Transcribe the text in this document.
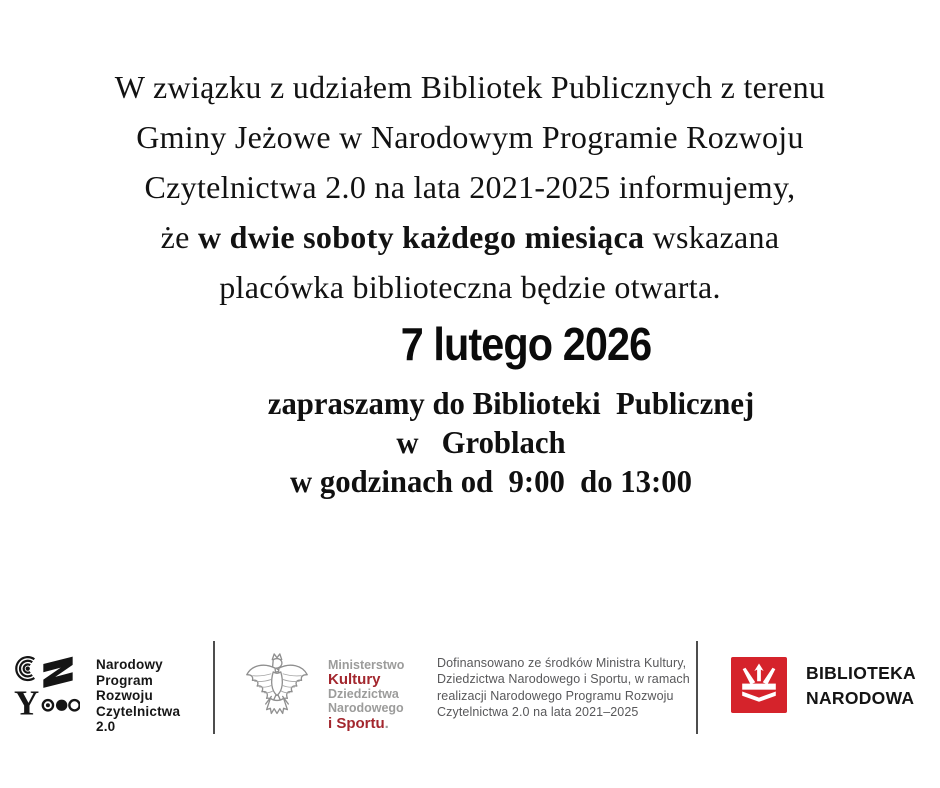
W związku z udziałem Bibliotek Publicznych z terenu
Gminy Jeżowe w Narodowym Programie Rozwoju
Czytelnictwa 2.0 na lata 2021-2025 informujemy,
że w dwie soboty każdego miesiąca wskazana
placówka biblioteczna będzie otwarta.
7 lutego 2026
zapraszamy do Biblioteki  Publicznej
w   Groblach
w godzinach od  9:00  do 13:00
Y
Narodowy
Program
Rozwoju
Czytelnictwa
2.0
Ministerstwo
Kultury
Dziedzictwa
Narodowego
i Sportu.
Dofinansowano ze środków Ministra Kultury,
Dziedzictwa Narodowego i Sportu, w ramach
realizacji Narodowego Programu Rozwoju
Czytelnictwa 2.0 na lata 2021–2025
BIBLIOTEKA
NARODOWA
